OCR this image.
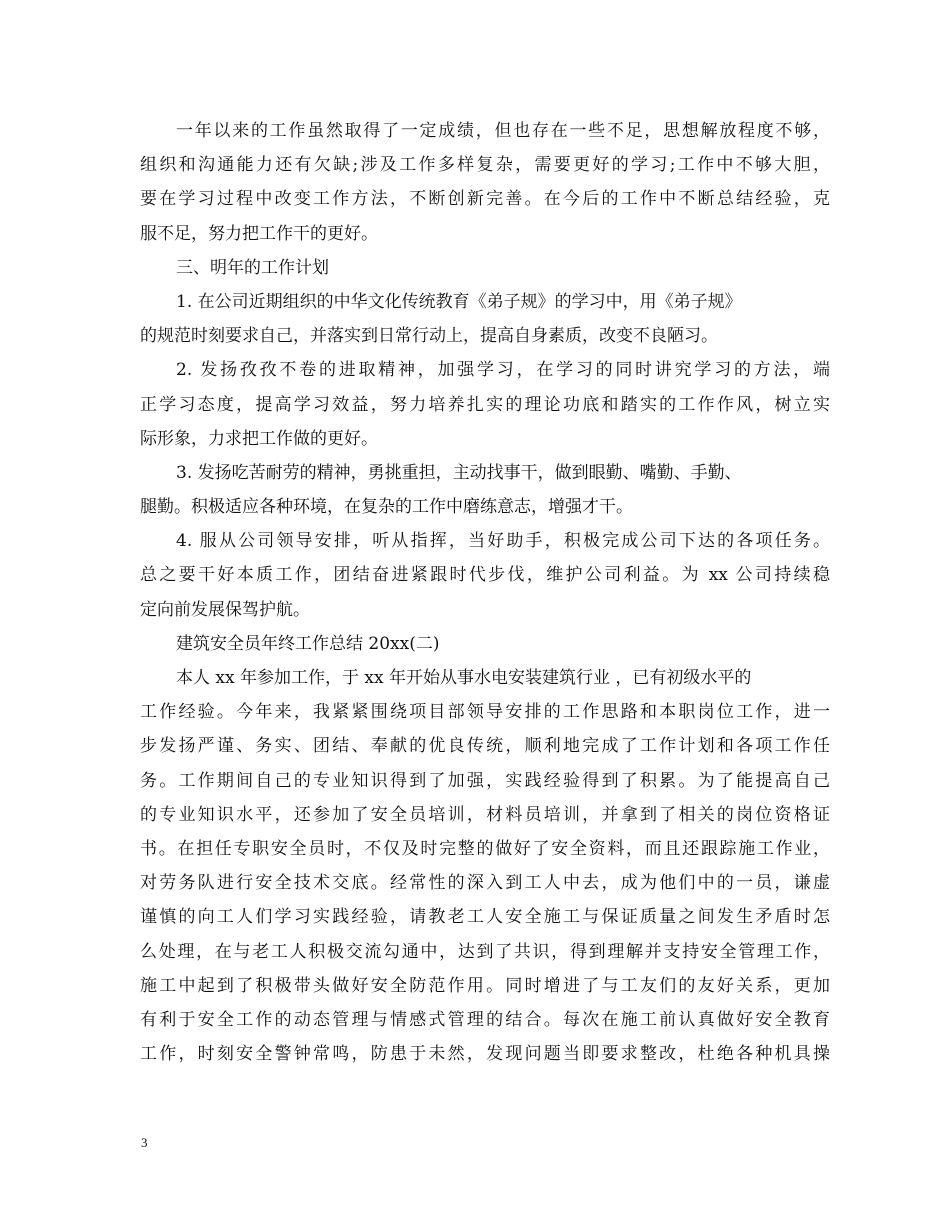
一年以来的工作虽然取得了一定成绩，但也存在一些不足，思想解放程度不够，
组织和沟通能力还有欠缺;涉及工作多样复杂，需要更好的学习;工作中不够大胆，
要在学习过程中改变工作方法，不断创新完善。在今后的工作中不断总结经验，克
服不足，努力把工作干的更好。
三、明年的工作计划
1. 在公司近期组织的中华文化传统教育《弟子规》的学习中，用《弟子规》
的规范时刻要求自己，并落实到日常行动上，提高自身素质，改变不良陋习。
2. 发扬孜孜不卷的进取精神，加强学习，在学习的同时讲究学习的方法，端
正学习态度，提高学习效益，努力培养扎实的理论功底和踏实的工作作风，树立实
际形象，力求把工作做的更好。
3. 发扬吃苦耐劳的精神，勇挑重担，主动找事干，做到眼勤、嘴勤、手勤、
腿勤。积极适应各种环境，在复杂的工作中磨练意志，增强才干。
4. 服从公司领导安排，听从指挥，当好助手，积极完成公司下达的各项任务。
总之要干好本质工作，团结奋进紧跟时代步伐，维护公司利益。为 xx 公司持续稳
定向前发展保驾护航。
建筑安全员年终工作总结 20xx(二)
本人 xx 年参加工作，于 xx 年开始从事水电安装建筑行业 ，已有初级水平的
工作经验。今年来，我紧紧围绕项目部领导安排的工作思路和本职岗位工作，进一
步发扬严谨、务实、团结、奉献的优良传统，顺利地完成了工作计划和各项工作任
务。工作期间自己的专业知识得到了加强，实践经验得到了积累。为了能提高自己
的专业知识水平，还参加了安全员培训，材料员培训，并拿到了相关的岗位资格证
书。在担任专职安全员时，不仅及时完整的做好了安全资料，而且还跟踪施工作业，
对劳务队进行安全技术交底。经常性的深入到工人中去，成为他们中的一员，谦虚
谨慎的向工人们学习实践经验，请教老工人安全施工与保证质量之间发生矛盾时怎
么处理，在与老工人积极交流勾通中，达到了共识，得到理解并支持安全管理工作，
施工中起到了积极带头做好安全防范作用。同时增进了与工友们的友好关系，更加
有利于安全工作的动态管理与情感式管理的结合。每次在施工前认真做好安全教育
工作，时刻安全警钟常鸣，防患于未然，发现问题当即要求整改，杜绝各种机具操
3
